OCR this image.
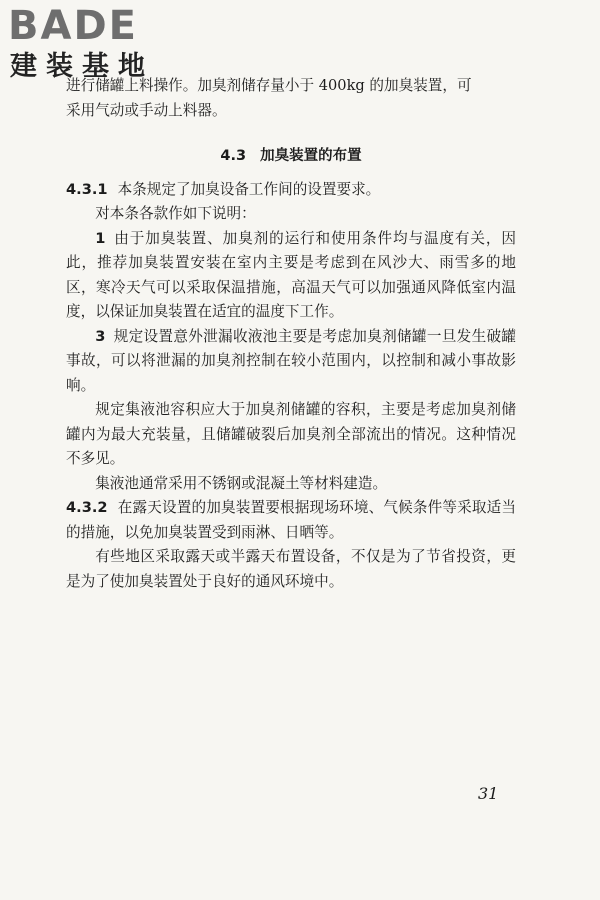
BADE
建装基地

进行储罐上料操作。加臭剂储存量小于 400kg 的加臭装置，可

采用气动或手动上料器。

4.3 加臭装置的布置

4.3.1 本条规定了加臭设备工作间的设置要求。

对本条各款作如下说明：

1 由于加臭装置、加臭剂的运行和使用条件均与温度有关，因此，推荐加臭装置安装在室内主要是考虑到在风沙大、雨雪多的地区，寒冷天气可以采取保温措施，高温天气可以加强通风降低室内温度，以保证加臭装置在适宜的温度下工作。

3 规定设置意外泄漏收液池主要是考虑加臭剂储罐一旦发生破罐事故，可以将泄漏的加臭剂控制在较小范围内，以控制和减小事故影响。

规定集液池容积应大于加臭剂储罐的容积，主要是考虑加臭剂储罐内为最大充装量，且储罐破裂后加臭剂全部流出的情况。这种情况不多见。

集液池通常采用不锈钢或混凝土等材料建造。

4.3.2 在露天设置的加臭装置要根据现场环境、气候条件等采取适当的措施，以免加臭装置受到雨淋、日晒等。

有些地区采取露天或半露天布置设备，不仅是为了节省投资，更是为了使加臭装置处于良好的通风环境中。

31
